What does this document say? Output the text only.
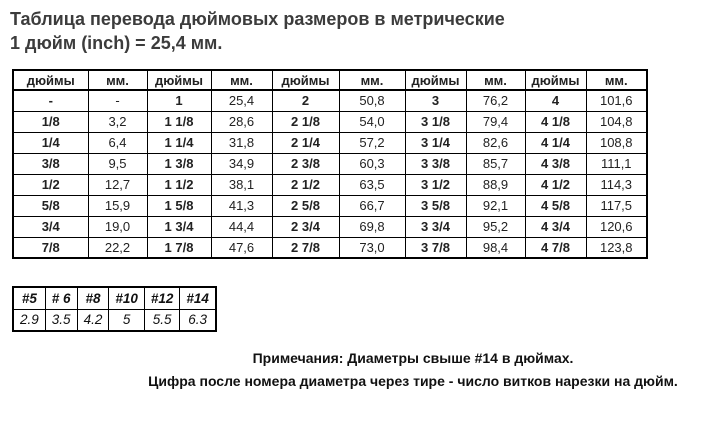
Таблица перевода дюймовых размеров в метрические
1 дюйм (inch) = 25,4 мм.
дюймы	мм.	дюймы	мм.	дюймы	мм.	дюймы	мм.	дюймы	мм.
-	-	1	25,4	2	50,8	3	76,2	4	101,6
1/8	3,2	1 1/8	28,6	2 1/8	54,0	3 1/8	79,4	4 1/8	104,8
1/4	6,4	1 1/4	31,8	2 1/4	57,2	3 1/4	82,6	4 1/4	108,8
3/8	9,5	1 3/8	34,9	2 3/8	60,3	3 3/8	85,7	4 3/8	111,1
1/2	12,7	1 1/2	38,1	2 1/2	63,5	3 1/2	88,9	4 1/2	114,3
5/8	15,9	1 5/8	41,3	2 5/8	66,7	3 5/8	92,1	4 5/8	117,5
3/4	19,0	1 3/4	44,4	2 3/4	69,8	3 3/4	95,2	4 3/4	120,6
7/8	22,2	1 7/8	47,6	2 7/8	73,0	3 7/8	98,4	4 7/8	123,8
#5	# 6	#8	#10	#12	#14
2.9	3.5	4.2	5	5.5	6.3
Примечания: Диаметры свыше #14 в дюймах.
Цифра после номера диаметра через тире - число витков нарезки на дюйм.
